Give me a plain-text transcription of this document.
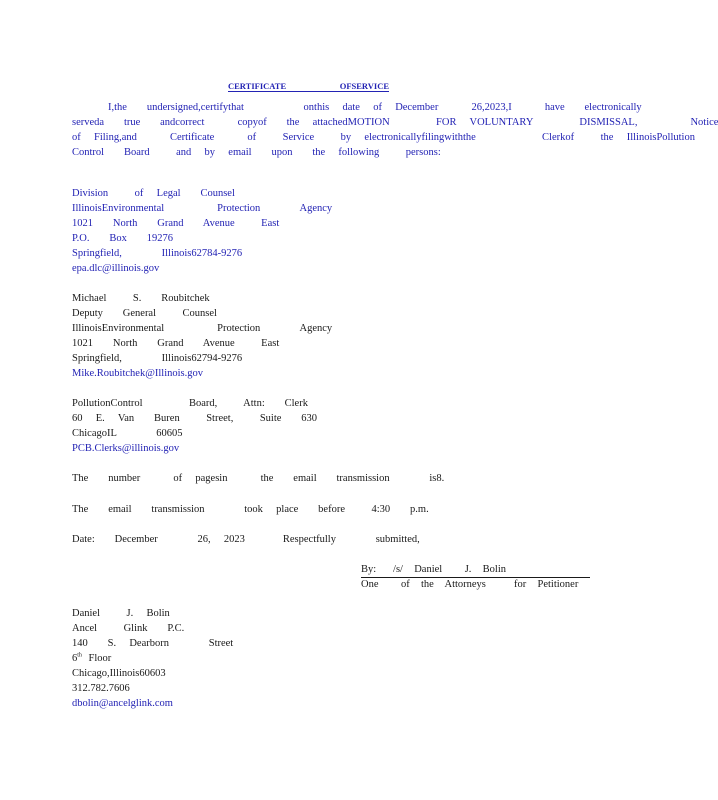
CERTIFICATE	OFSERVICE

I,the   undersigned,certifythat         onthis  date  of  December     26,2023,I     have   electronically

serveda   true   andcorrect     copyof   the  attachedMOTION       FOR  VOLUNTARY       DISMISSAL,        Notice

of  Filing,and     Certificate     of    Service    by  electronicallyfilingwiththe          Clerkof    the  IllinoisPollution

Control   Board    and  by  email   upon   the  following    persons:

Division    of  Legal   Counsel
IllinoisEnvironmental        Protection      Agency
1021   North   Grand   Avenue    East
P.O.   Box   19276
Springfield,      Illinois62784-9276
epa.dlc@illinois.gov
Michael    S.   Roubitchek
Deputy   General    Counsel
IllinoisEnvironmental        Protection      Agency
1021   North   Grand   Avenue    East
Springfield,      Illinois62794-9276
Mike.Roubitchek@Illinois.gov
PollutionControl       Board,    Attn:   Clerk
60  E.  Van   Buren    Street,    Suite   630
ChicagoIL      60605
PCB.Clerks@illinois.gov
The   number     of  pagesin     the   email   transmission      is8.
The   email   transmission      took  place   before    4:30   p.m.
Date:   December      26,  2023	Respectfully      submitted,
By:   /s/  Daniel    J.  Bolin
One    of  the  Attorneys     for  Petitioner
Daniel    J.  Bolin
Ancel    Glink   P.C.
140   S.  Dearborn      Street
6th Floor
Chicago,Illinois60603
312.782.7606
dbolin@ancelglink.com
